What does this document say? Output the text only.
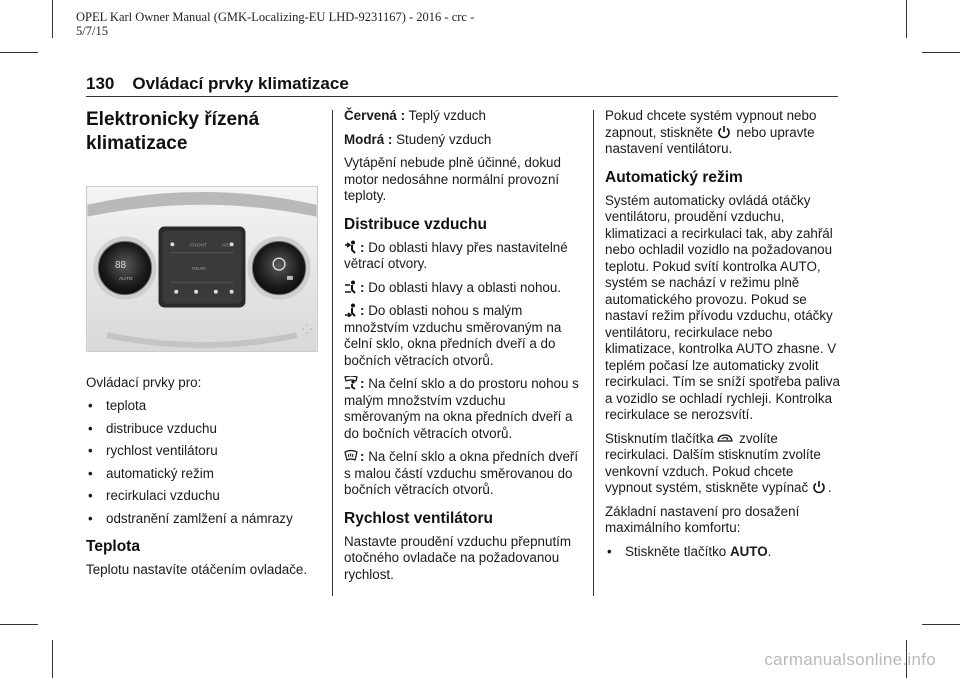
OPEL Karl Owner Manual (GMK-Localizing-EU LHD-9231167) - 2016 - crc -
5/7/15
130 Ovládací prvky klimatizace
Elektronicky řízená
klimatizace
FRONT	A/C
REAR
88
AUTO

Ovládací prvky pro:

• teplota
• distribuce vzduchu
• rychlost ventilátoru
• automatický režim
• recirkulaci vzduchu
• odstranění zamlžení a námrazy
Teplota

Teplotu nastavíte otáčením ovladače.

Červená : Teplý vzduch

Modrá : Studený vzduch

Vytápění nebude plně účinné, dokud motor nedosáhne normální provozní teploty.

Distribuce vzduchu

: Do oblasti hlavy přes nastavitelné větrací otvory.

: Do oblasti hlavy a oblasti nohou.

: Do oblasti nohou s malým množstvím vzduchu směrovaným na čelní sklo, okna předních dveří a do bočních větracích otvorů.

: Na čelní sklo a do prostoru nohou s malým množstvím vzduchu směrovaným na okna předních dveří a do bočních větracích otvorů.

: Na čelní sklo a okna předních dveří s malou částí vzduchu směrovanou do bočních větracích otvorů.

Rychlost ventilátoru

Nastavte proudění vzduchu přepnutím otočného ovladače na požadovanou rychlost.

Pokud chcete systém vypnout nebo zapnout, stiskněte nebo upravte nastavení ventilátoru.

Automatický režim

Systém automaticky ovládá otáčky ventilátoru, proudění vzduchu, klimatizaci a recirkulaci tak, aby zahřál nebo ochladil vozidlo na požadovanou teplotu. Pokud svítí kontrolka AUTO, systém se nachází v režimu plně automatického provozu. Pokud se nastaví režim přívodu vzduchu, otáčky ventilátoru, recirkulace nebo klimatizace, kontrolka AUTO zhasne. V teplém počasí lze automaticky zvolit recirkulaci. Tím se sníží spotřeba paliva a vozidlo se ochladí rychleji. Kontrolka recirkulace se nerozsvítí.

Stisknutím tlačítka zvolíte recirkulaci. Dalším stisknutím zvolíte venkovní vzduch. Pokud chcete vypnout systém, stiskněte vypínač .

Základní nastavení pro dosažení maximálního komfortu:

• Stiskněte tlačítko AUTO.
carmanualsonline.info
